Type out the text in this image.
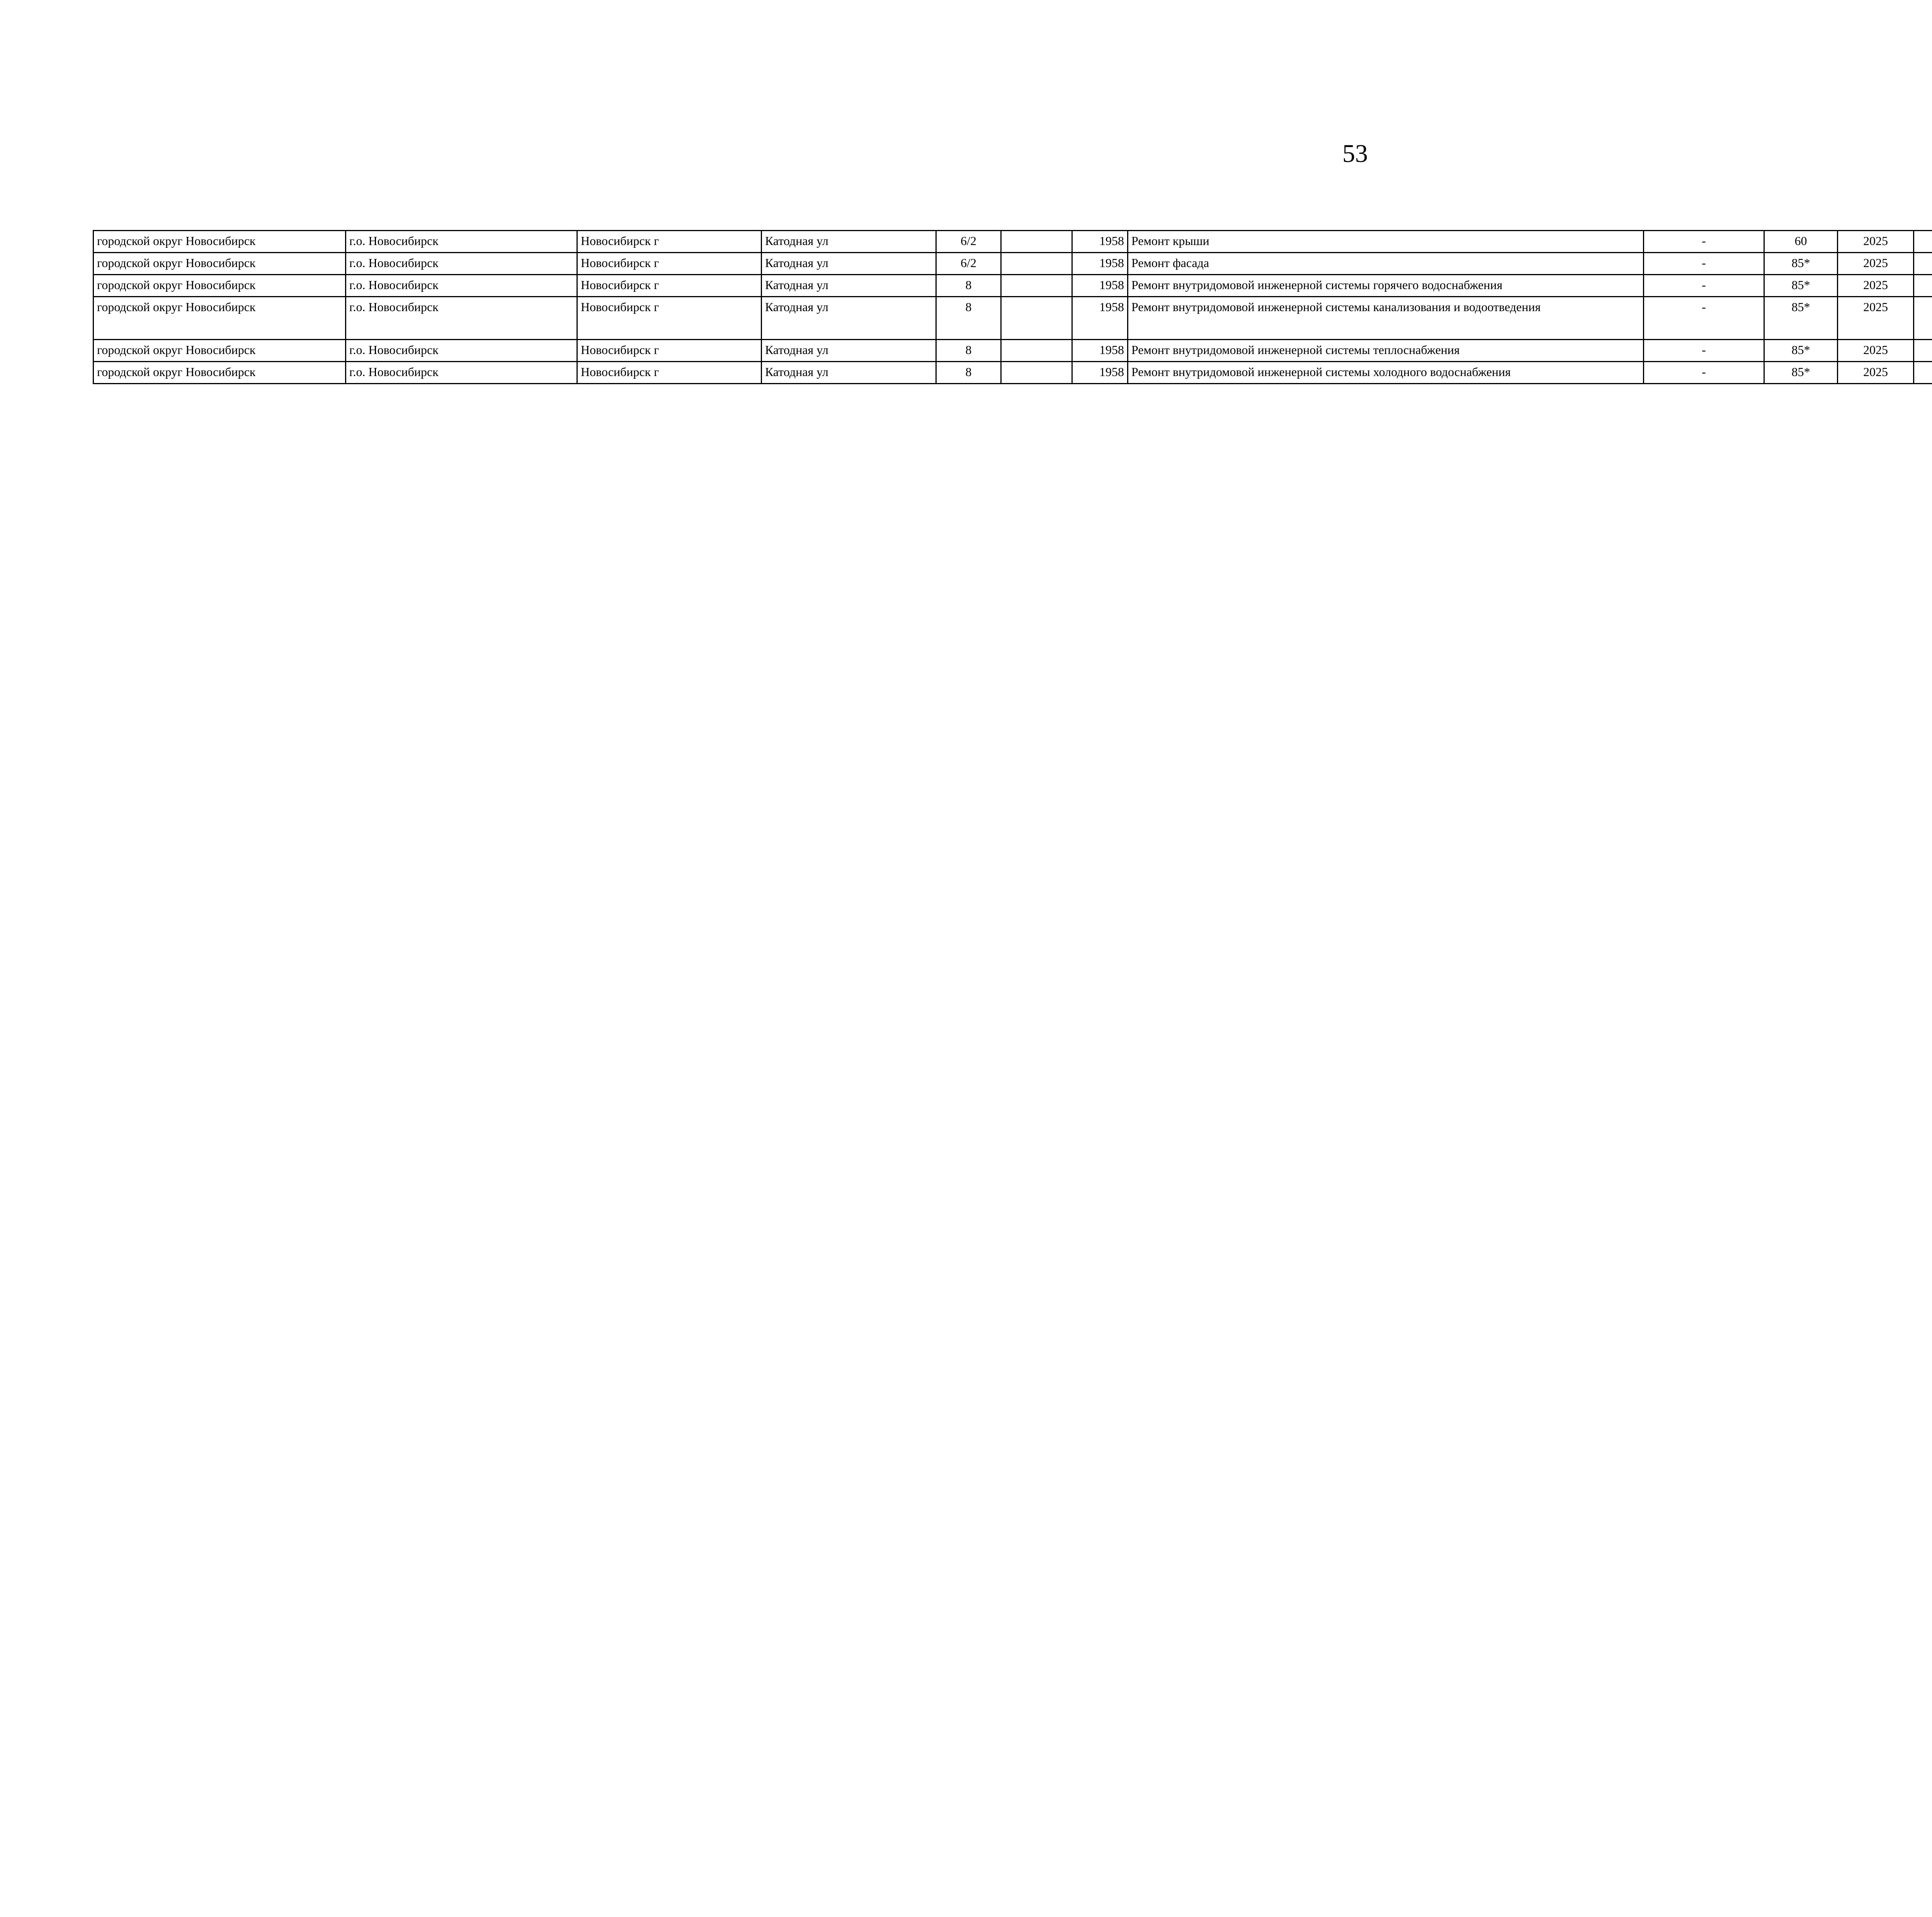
53
городской округ Новосибирск	г.о. Новосибирск	Новосибирск г	Катодная ул	6/2		1958	Ремонт крыши	-	60	2025						
городской округ Новосибирск	г.о. Новосибирск	Новосибирск г	Катодная ул	6/2		1958	Ремонт фасада	-	85*	2025						
городской округ Новосибирск	г.о. Новосибирск	Новосибирск г	Катодная ул	8		1958	Ремонт внутридомовой инженерной системы горячего водоснабжения	-	85*	2025						
городской округ Новосибирск	г.о. Новосибирск	Новосибирск г	Катодная ул	8		1958	Ремонт внутридомовой инженерной системы канализования и водоотведения	-	85*	2025						
городской округ Новосибирск	г.о. Новосибирск	Новосибирск г	Катодная ул	8		1958	Ремонт внутридомовой инженерной системы теплоснабжения	-	85*	2025						
городской округ Новосибирск	г.о. Новосибирск	Новосибирск г	Катодная ул	8		1958	Ремонт внутридомовой инженерной системы холодного водоснабжения	-	85*	2025						
